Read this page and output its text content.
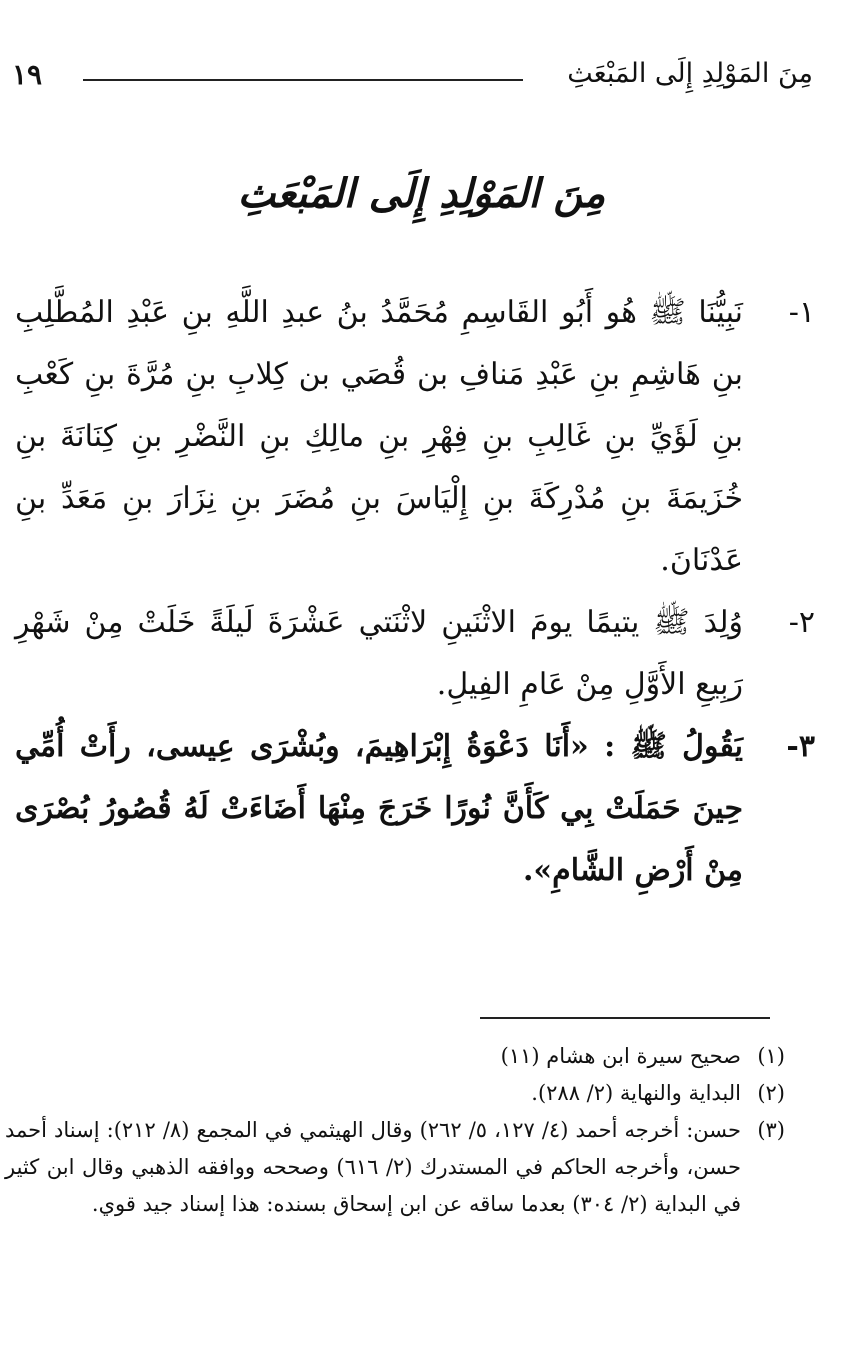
مِنَ المَوْلِدِ إِلَى المَبْعَثِ
١٩
مِنَ المَوْلِدِ إِلَى المَبْعَثِ
١-
نَبِيُّنَا ﷺ هُو أَبُو القَاسِمِ مُحَمَّدُ بنُ عبدِ اللَّهِ بنِ عَبْدِ المُطَّلِبِ بنِ هَاشِمِ بنِ عَبْدِ مَنافِ بن قُصَي بن كِلابِ بنِ مُرَّةَ بنِ كَعْبِ بنِ لَؤَيِّ بنِ غَالِبِ بنِ فِهْرِ بنِ مالِكِ بنِ النَّضْرِ بنِ كِنَانَةَ بنِ خُزَيمَةَ بنِ مُدْرِكَةَ بنِ إِلْيَاسَ بنِ مُضَرَ بنِ نِزَارَ بنِ مَعَدِّ بنِ عَدْنَانَ.
٢-
وُلِدَ ﷺ يتيمًا يومَ الاثْنَينِ لاثْنَتي عَشْرَةَ لَيلَةً خَلَتْ مِنْ شَهْرِ رَبِيعِ الأَوَّلِ مِنْ عَامِ الفِيلِ.
٣-
يَقُولُ ﷺ : «أَنَا دَعْوَةُ إِبْرَاهِيمَ، وبُشْرَى عِيسى، رأَتْ أُمِّي حِينَ حَمَلَتْ بِي كَأَنَّ نُورًا خَرَجَ مِنْهَا أَضَاءَتْ لَهُ قُصُورُ بُصْرَى مِنْ أَرْضِ الشَّامِ».
(١)
صحيح سيرة ابن هشام (١١)
(٢)
البداية والنهاية (٢/ ٢٨٨).
(٣)
حسن: أخرجه أحمد (٤/ ١٢٧، ٥/ ٢٦٢) وقال الهيثمي في المجمع (٨/ ٢١٢): إسناد أحمد حسن، وأخرجه الحاكم في المستدرك (٢/ ٦١٦) وصححه ووافقه الذهبي وقال ابن كثير في البداية (٢/ ٣٠٤) بعدما ساقه عن ابن إسحاق بسنده: هذا إسناد جيد قوي.
